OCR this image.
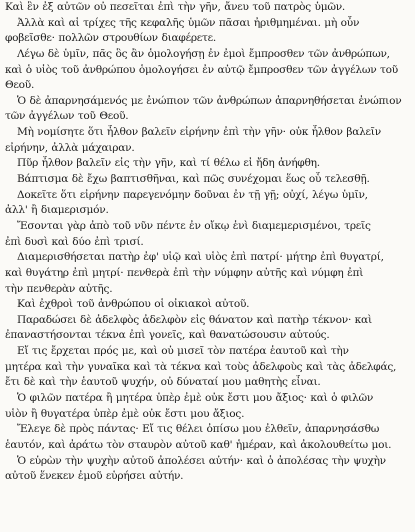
Καὶ ἓν ἐξ αὐτῶν οὐ πεσεῖται ἐπὶ τὴν γῆν, ἄνευ τοῦ πατρὸς ὑμῶν.
Ἀλλὰ καὶ αἱ τρίχες τῆς κεφαλῆς ὑμῶν πᾶσαι ἠριθμημέναι. μὴ οὖν
φοβεῖσθε· πολλῶν στρουθίων διαφέρετε.
Λέγω δὲ ὑμῖν, πᾶς ὃς ἂν ὁμολογήσῃ ἐν ἐμοὶ ἔμπροσθεν τῶν ἀνθρώπων,
καὶ ὁ υἱὸς τοῦ ἀνθρώπου ὁμολογήσει ἐν αὐτῷ ἔμπροσθεν τῶν ἀγγέλων τοῦ
Θεοῦ.
Ὁ δὲ ἀπαρνησάμενός με ἐνώπιον τῶν ἀνθρώπων ἀπαρνηθήσεται ἐνώπιον
τῶν ἀγγέλων τοῦ Θεοῦ.
Μὴ νομίσητε ὅτι ἦλθον βαλεῖν εἰρήνην ἐπὶ τὴν γῆν· οὐκ ἦλθον βαλεῖν
εἰρήνην, ἀλλὰ μάχαιραν.
Πῦρ ἦλθον βαλεῖν εἰς τὴν γῆν, καὶ τί θέλω εἰ ἤδη ἀνήφθη.
Βάπτισμα δὲ ἔχω βαπτισθῆναι, καὶ πῶς συνέχομαι ἕως οὗ τελεσθῇ.
Δοκεῖτε ὅτι εἰρήνην παρεγενόμην δοῦναι ἐν τῇ γῇ; οὐχί, λέγω ὑμῖν,
ἀλλ' ἢ διαμερισμόν.
Ἔσονται γὰρ ἀπὸ τοῦ νῦν πέντε ἐν οἴκῳ ἑνὶ διαμεμερισμένοι, τρεῖς
ἐπὶ δυσὶ καὶ δύο ἐπὶ τρισί.
Διαμερισθήσεται πατὴρ ἐφ' υἱῷ καὶ υἱὸς ἐπὶ πατρί· μήτηρ ἐπὶ θυγατρί,
καὶ θυγάτηρ ἐπὶ μητρί· πενθερὰ ἐπὶ τὴν νύμφην αὐτῆς καὶ νύμφη ἐπὶ
τὴν πενθερὰν αὐτῆς.
Καὶ ἐχθροὶ τοῦ ἀνθρώπου οἱ οἰκιακοὶ αὐτοῦ.
Παραδώσει δὲ ἀδελφὸς ἀδελφὸν εἰς θάνατον καὶ πατὴρ τέκνον· καὶ
ἐπαναστήσονται τέκνα ἐπὶ γονεῖς, καὶ θανατώσουσιν αὐτούς.
Εἴ τις ἔρχεται πρός με, καὶ οὐ μισεῖ τὸν πατέρα ἑαυτοῦ καὶ τὴν
μητέρα καὶ τὴν γυναῖκα καὶ τὰ τέκνα καὶ τοὺς ἀδελφοὺς καὶ τὰς ἀδελφάς,
ἔτι δὲ καὶ τὴν ἑαυτοῦ ψυχήν, οὐ δύναταί μου μαθητὴς εἶναι.
Ὁ φιλῶν πατέρα ἢ μητέρα ὑπὲρ ἐμὲ οὐκ ἔστι μου ἄξιος· καὶ ὁ φιλῶν
υἱὸν ἢ θυγατέρα ὑπὲρ ἐμὲ οὐκ ἔστι μου ἄξιος.
Ἔλεγε δὲ πρὸς πάντας· Εἴ τις θέλει ὀπίσω μου ἐλθεῖν, ἀπαρνησάσθω
ἑαυτόν, καὶ ἀράτω τὸν σταυρὸν αὐτοῦ καθ' ἡμέραν, καὶ ἀκολουθείτω μοι.
Ὁ εὑρὼν τὴν ψυχὴν αὐτοῦ ἀπολέσει αὐτήν· καὶ ὁ ἀπολέσας τὴν ψυχὴν
αὐτοῦ ἕνεκεν ἐμοῦ εὑρήσει αὐτήν.
